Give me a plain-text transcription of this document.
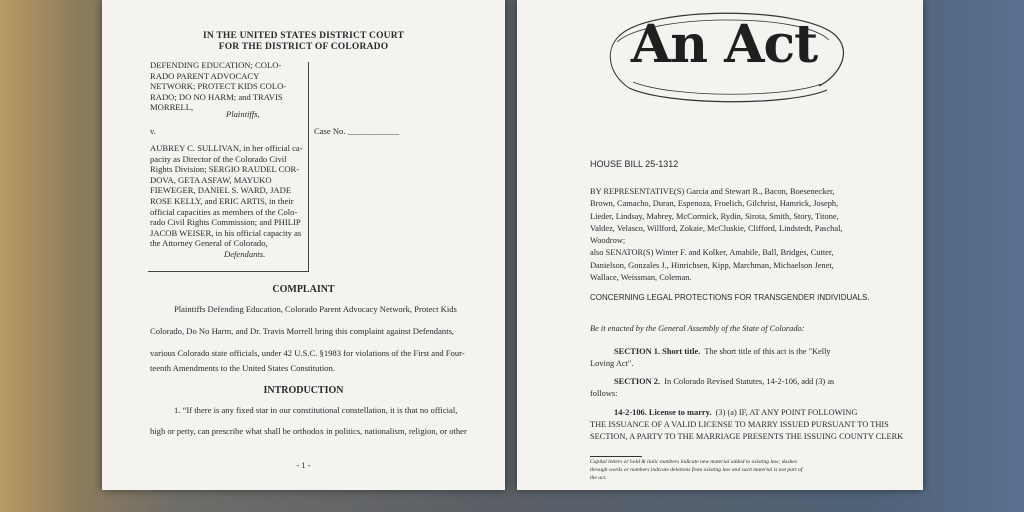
IN THE UNITED STATES DISTRICT COURT
FOR THE DISTRICT OF COLORADO
DEFENDING EDUCATION; COLO-
RADO PARENT ADVOCACY
NETWORK; PROTECT KIDS COLO-
RADO; DO NO HARM; and TRAVIS
MORRELL,
Plaintiffs,
v.	Case No. ____________
AUBREY C. SULLIVAN, in her official ca-
pacity as Director of the Colorado Civil
Rights Division; SERGIO RAUDEL COR-
DOVA, GETA ASFAW, MAYUKO
FIEWEGER, DANIEL S. WARD, JADE
ROSE KELLY, and ERIC ARTIS, in their
official capacities as members of the Colo-
rado Civil Rights Commission; and PHILIP
JACOB WEISER, in his official capacity as
the Attorney General of Colorado,
Defendants.
COMPLAINT
Plaintiffs Defending Education, Colorado Parent Advocacy Network, Protect Kids
Colorado, Do No Harm, and Dr. Travis Morrell bring this complaint against Defendants,
various Colorado state officials, under 42 U.S.C. §1983 for violations of the First and Four-
teenth Amendments to the United States Constitution.
INTRODUCTION
1. “If there is any fixed star in our constitutional constellation, it is that no official,
high or petty, can prescribe what shall be orthodox in politics, nationalism, religion, or other
- 1 -
An Act
HOUSE BILL 25-1312
BY REPRESENTATIVE(S) Garcia and Stewart R., Bacon, Boesenecker,
Brown, Camacho, Duran, Espenoza, Froelich, Gilchrist, Hamrick, Joseph,
Lieder, Lindsay, Mabrey, McCormick, Rydin, Sirota, Smith, Story, Titone,
Valdez, Velasco, Willford, Zokaie, McCluskie, Clifford, Lindstedt, Paschal,
Woodrow;
also SENATOR(S) Winter F. and Kolker, Amabile, Ball, Bridges, Cutter,
Danielson, Gonzales J., Hinrichsen, Kipp, Marchman, Michaelson Jenet,
Wallace, Weissman, Coleman.
CONCERNING LEGAL PROTECTIONS FOR TRANSGENDER INDIVIDUALS.
Be it enacted by the General Assembly of the State of Colorado:
SECTION 1. Short title. The short title of this act is the "Kelly
Loving Act".
SECTION 2. In Colorado Revised Statutes, 14-2-106, add (3) as
follows:
14-2-106. License to marry. (3) (a) IF, AT ANY POINT FOLLOWING
THE ISSUANCE OF A VALID LICENSE TO MARRY ISSUED PURSUANT TO THIS
SECTION, A PARTY TO THE MARRIAGE PRESENTS THE ISSUING COUNTY CLERK
Capital letters or bold & italic numbers indicate new material added to existing law; dashes
through words or numbers indicate deletions from existing law and such material is not part of
the act.
